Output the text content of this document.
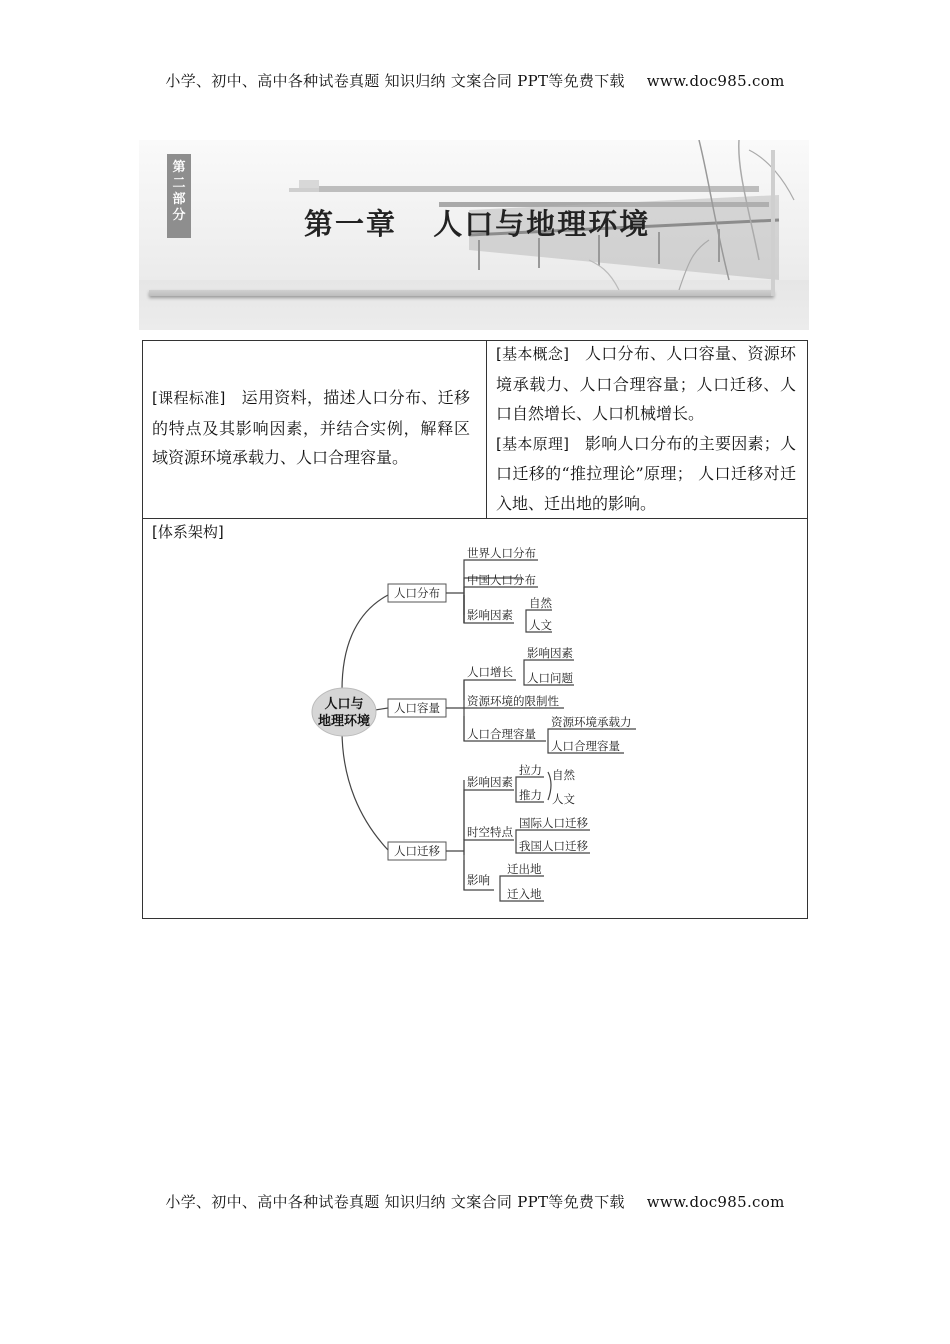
小学、初中、高中各种试卷真题 知识归纳 文案合同 PPT等免费下载 www.doc985.com
第
二
部
分	第一章   人口与地理环境
[课程标准] 运用资料，描述人口分布、迁移的特点及其影响因素，并结合实例，解释区域资源环境承载力、人口合理容量。
[基本概念] 人口分布、人口容量、资源环境承载力、人口合理容量；人口迁移、人口自然增长、人口机械增长。
[基本原理] 影响人口分布的主要因素；人口迁移的“推拉理论”原理； 人口迁移对迁入地、迁出地的影响。
[体系架构]
人口与
地理环境
人口分布
人口容量
人口迁移
世界人口分布
中国人口分布
影响因素
自然
人文
人口增长
影响因素
人口问题
资源环境的限制性
人口合理容量
资源环境承载力
人口合理容量
影响因素
拉力
推力
自然
人文
时空特点
国际人口迁移
我国人口迁移
影响
迁出地
迁入地
小学、初中、高中各种试卷真题 知识归纳 文案合同 PPT等免费下载 www.doc985.com
